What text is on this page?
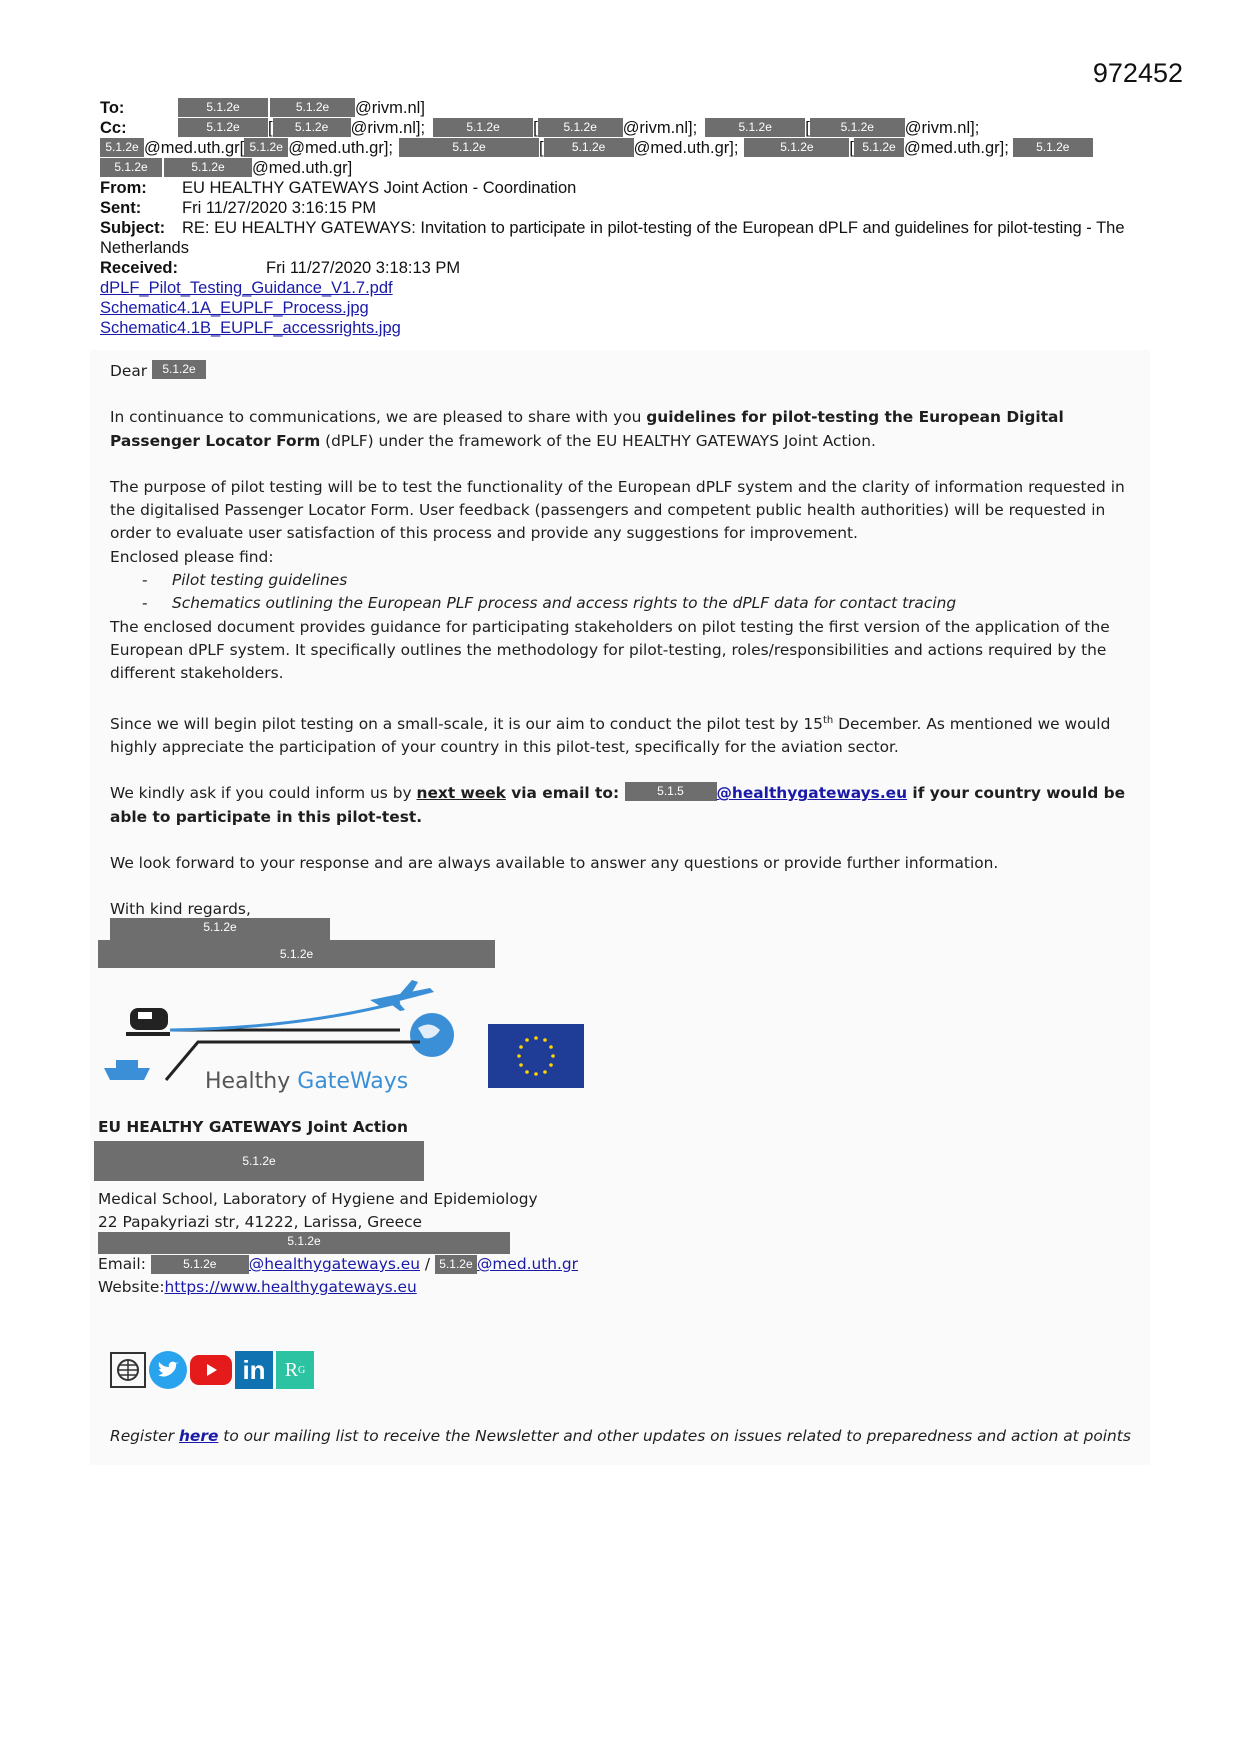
972452
To:	5.1.2e	5.1.2e @rivm.nl]
Cc:	5.1.2e [ 5.1.2e @rivm.nl];	5.1.2e [ 5.1.2e @rivm.nl];	5.1.2e [	5.1.2e @rivm.nl];
5.1.2e @med.uth.gr[ 5.1.2e @med.uth.gr];	5.1.2e	[ 5.1.2e @med.uth.gr];	5.1.2e [ 5.1.2e @med.uth.gr]; 5.1.2e
5.1.2e	5.1.2e @med.uth.gr]
From: EU HEALTHY GATEWAYS Joint Action - Coordination
Sent: Fri 11/27/2020 3:16:15 PM
Subject: RE: EU HEALTHY GATEWAYS: Invitation to participate in pilot-testing of the European dPLF and guidelines for pilot-testing - The Netherlands
Received:	Fri 11/27/2020 3:18:13 PM
dPLF_Pilot_Testing_Guidance_V1.7.pdf
Schematic4.1A_EUPLF_Process.jpg
Schematic4.1B_EUPLF_accessrights.jpg

Dear 5.1.2e

In continuance to communications, we are pleased to share with you guidelines for pilot-testing the European Digital Passenger Locator Form (dPLF) under the framework of the EU HEALTHY GATEWAYS Joint Action.

The purpose of pilot testing will be to test the functionality of the European dPLF system and the clarity of information requested in the digitalised Passenger Locator Form. User feedback (passengers and competent public health authorities) will be requested in order to evaluate user satisfaction of this process and provide any suggestions for improvement.

Enclosed please find:

- Pilot testing guidelines
- Schematics outlining the European PLF process and access rights to the dPLF data for contact tracing

The enclosed document provides guidance for participating stakeholders on pilot testing the first version of the application of the European dPLF system. It specifically outlines the methodology for pilot-testing, roles/responsibilities and actions required by the different stakeholders.

Since we will begin pilot testing on a small-scale, it is our aim to conduct the pilot test by 15th December. As mentioned we would highly appreciate the participation of your country in this pilot-test, specifically for the aviation sector.

We kindly ask if you could inform us by next week via email to:	5.1.5 @healthygateways.eu if your country would be able to participate in this pilot-test.

We look forward to your response and are always available to answer any questions or provide further information.

With kind regards,

5.1.2e
5.1.2e
Healthy GateWays
EU HEALTHY GATEWAYS Joint Action
5.1.2e
Medical School, Laboratory of Hygiene and Epidemiology
22 Papakyriazi str, 41222, Larissa, Greece
5.1.2e
Email:	5.1.2e @healthygateways.eu / 5.1.2e @med.uth.gr
Website:https://www.healthygateways.eu
in R G
Register here to our mailing list to receive the Newsletter and other updates on issues related to preparedness and action at points
